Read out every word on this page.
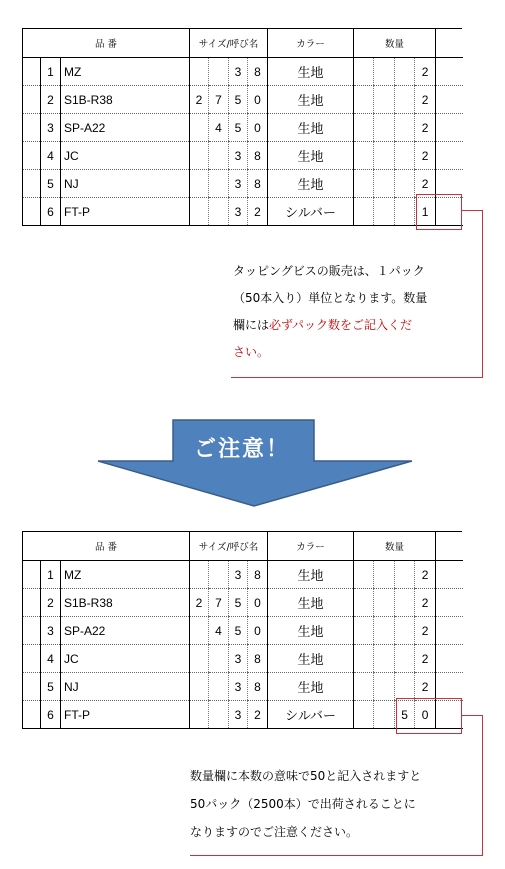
品 番			サイズ/呼び名				カラー	数量				
	1	MZ			3	8	生地				2	
	2	S1B-R38	2	7	5	0	生地				2	
	3	SP-A22		4	5	0	生地				2	
	4	JC			3	8	生地				2	
	5	NJ			3	8	生地				2	
	6	FT-P			3	2	シルバー				1	
タッピングビスの販売は、１パック
（50本入り）単位となります。数量
欄には必ずパック数をご記入くだ
さい。
ご注意！
品 番			サイズ/呼び名				カラー	数量				
	1	MZ			3	8	生地				2	
	2	S1B-R38	2	7	5	0	生地				2	
	3	SP-A22		4	5	0	生地				2	
	4	JC			3	8	生地				2	
	5	NJ			3	8	生地				2	
	6	FT-P			3	2	シルバー			5	0	
数量欄に本数の意味で50と記入されますと
50パック（2500本）で出荷されることに
なりますのでご注意ください。
